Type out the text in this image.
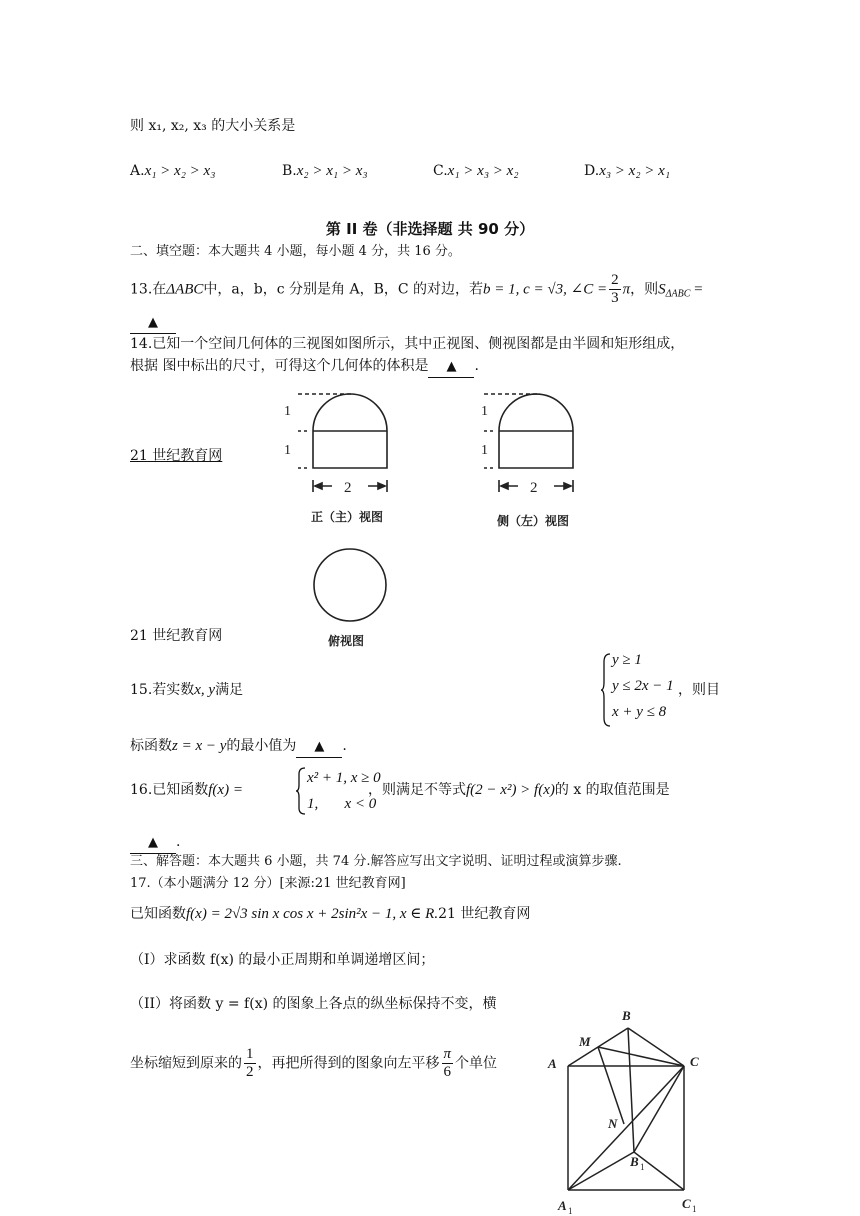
则 x₁, x₂, x₃ 的大小关系是
A.x₁ > x₂ > x₃	B.x₂ > x₁ > x₃	C.x₁ > x₃ > x₂	D.x₃ > x₂ > x₁
第 II 卷（非选择题 共 90 分）
二、填空题：本大题共 4 小题，每小题 4 分，共 16 分。
13.在ΔABC中，a，b，c 分别是角 A，B，C 的对边，若b = 1, c = √3, ∠C = $\frac{2}{3}$ π，则$S_{\Delta ABC}$ =
▲
14.已知一个空间几何体的三视图如图所示，其中正视图、侧视图都是由半圆和矩形组成，
根据 图中标出的尺寸，可得这个几何体的体积是 ▲ .
21 世纪教育网
21 世纪教育网
1
1
2
1
1
2
正（主）视图	侧（左）视图
俯视图
15.若实数x, y满足
y ≥ 1
y ≤ 2x − 1
x + y ≤ 8
，则目
标函数z = x − y的最小值为 ▲ .
16.已知函数f(x) =
x² + 1, x ≥ 0
1,       x < 0
，则满足不等式f(2 − x²) > f(x)的 x 的取值范围是
▲ .
三、解答题：本大题共 6 小题，共 74 分.解答应写出文字说明、证明过程或演算步骤.
17.（本小题满分 12 分）[来源:21 世纪教育网]
已知函数f(x) = 2√3 sin x cos x + 2sin²x − 1, x ∈ R.21 世纪教育网
（I）求函数 f(x) 的最小正周期和单调递增区间；
（II）将函数 y = f(x) 的图象上各点的纵坐标保持不变，横
坐标缩短到原来的 $\frac{1}{2}$ ，再把所得到的图象向左平移 $\frac{\pi}{6}$ 个单位	A
B
C
M
N
B
A	C
1
1	1
